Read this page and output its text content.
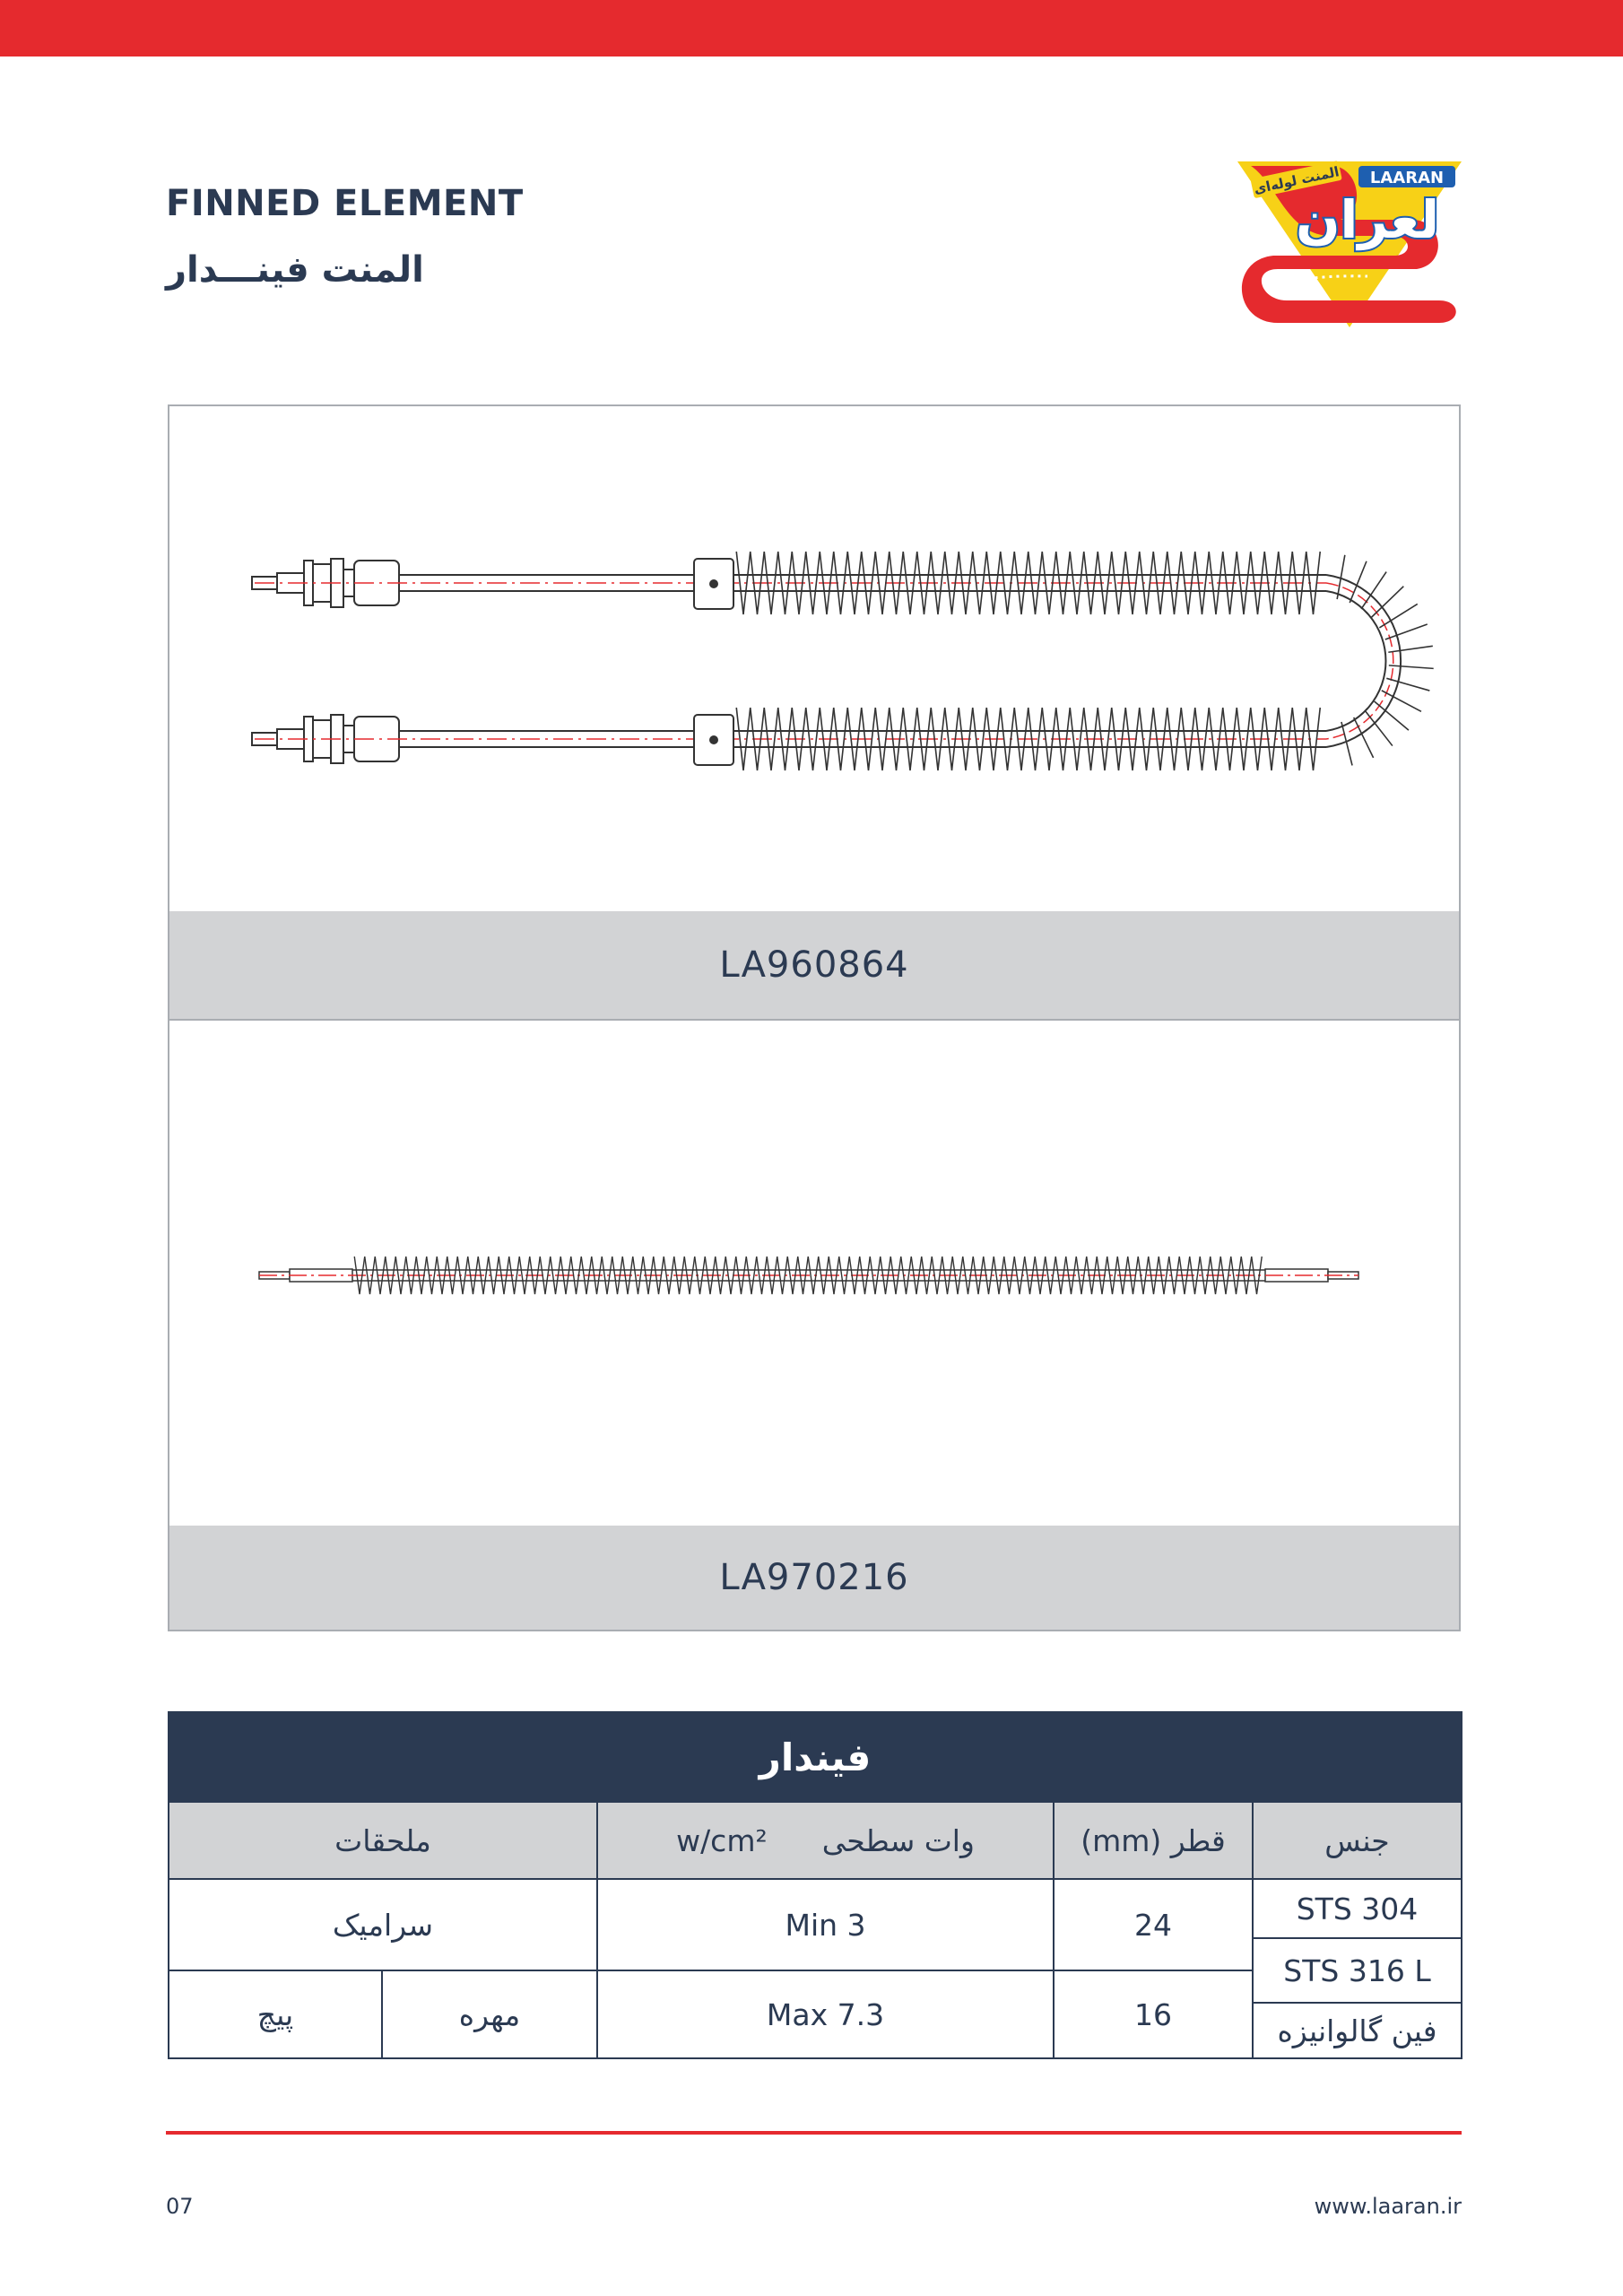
FINNED ELEMENT
المنت فینـــدار
المنت لوله‌ای LAARAN
لعران
LA960864
LA970216
فیندار				
ملحقات		w/cm² وات سطحی	قطر (mm)	جنس
سرامیک		Min 3	24	STS 304
				STS 316 L
پیچ	مهره	Max 7.3	16	
				فین گالوانیزه
07	www.laaran.ir
